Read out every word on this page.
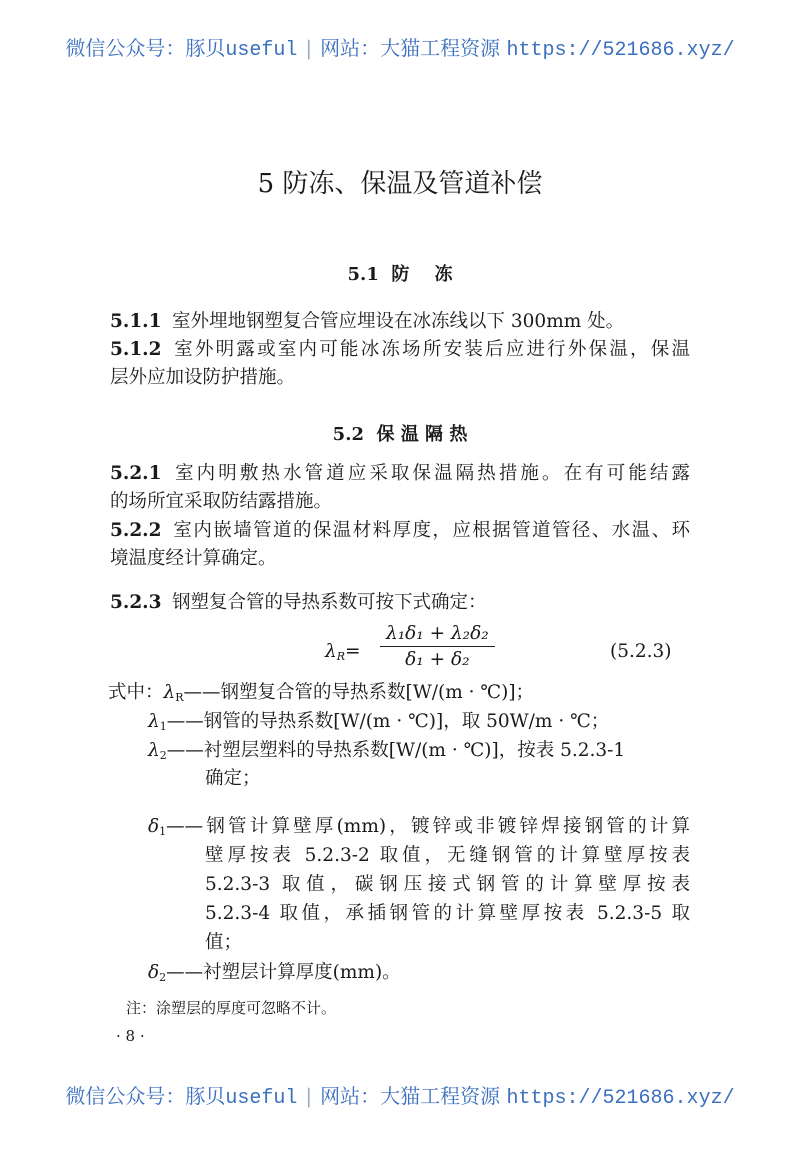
微信公众号：豚贝useful | 网站：大猫工程资源 https://521686.xyz/
5 防冻、保温及管道补偿
5.1  防    冻
5.1.1 室外埋地钢塑复合管应埋设在冰冻线以下 300mm 处。
5.1.2 室外明露或室内可能冰冻场所安装后应进行外保温，保温
层外应加设防护措施。
5.2  保 温 隔 热
5.2.1 室内明敷热水管道应采取保温隔热措施。在有可能结露
的场所宜采取防结露措施。
5.2.2 室内嵌墙管道的保温材料厚度，应根据管道管径、水温、环
境温度经计算确定。
5.2.3 钢塑复合管的导热系数可按下式确定：
$\lambda_R= \frac{\text{λ₁δ₁ + λ₂δ₂}}{\text{δ₁ + δ₂}}$	(5.2.3)
式中：$\lambda_R——$钢塑复合管的导热系数[W/(m · ℃)]；
$\lambda_1——$钢管的导热系数[W/(m · ℃)]，取 50W/m · ℃；
$\lambda_2——$衬塑层塑料的导热系数[W/(m · ℃)]，按表 5.2.3-1
确定；
$\delta_1——$钢管计算壁厚(mm)，镀锌或非镀锌焊接钢管的计算
壁厚按表 5.2.3-2 取值，无缝钢管的计算壁厚按表
5.2.3-3 取值，碳钢压接式钢管的计算壁厚按表
5.2.3-4 取值，承插钢管的计算壁厚按表 5.2.3-5 取
值；
$\delta_2——$衬塑层计算厚度(mm)。
注：涂塑层的厚度可忽略不计。
· 8 ·
微信公众号：豚贝useful | 网站：大猫工程资源 https://521686.xyz/
